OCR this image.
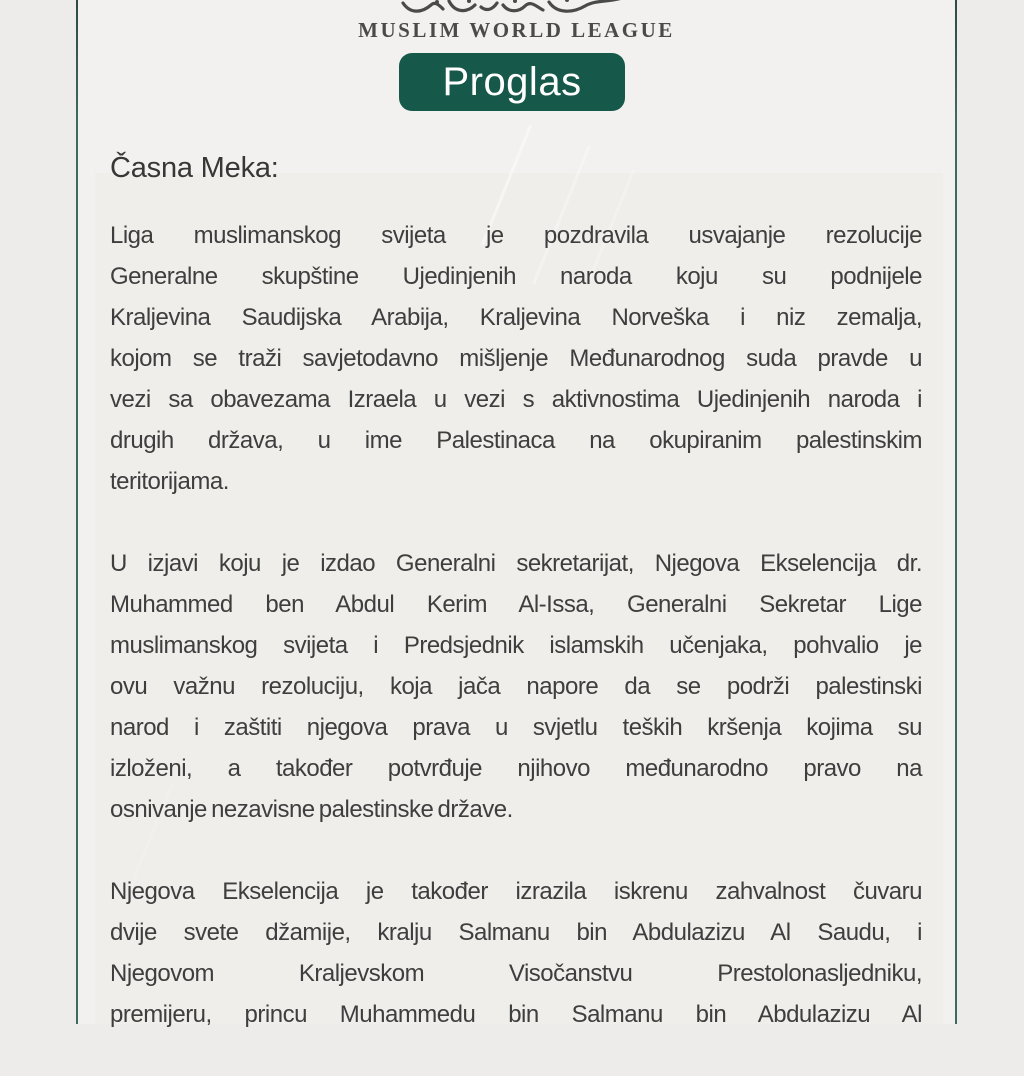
MUSLIM WORLD LEAGUE
Proglas
Časna Meka:
Liga muslimanskog svijeta je pozdravila usvajanje rezolucije
Generalne skupštine Ujedinjenih naroda koju su podnijele
Kraljevina Saudijska Arabija, Kraljevina Norveška i niz zemalja,
kojom se traži savjetodavno mišljenje Međunarodnog suda pravde u
vezi sa obavezama Izraela u vezi s aktivnostima Ujedinjenih naroda i
drugih država, u ime Palestinaca na okupiranim palestinskim
teritorijama.
U izjavi koju je izdao Generalni sekretarijat, Njegova Ekselencija dr.
Muhammed ben Abdul Kerim Al-Issa, Generalni Sekretar Lige
muslimanskog svijeta i Predsjednik islamskih učenjaka, pohvalio je
ovu važnu rezoluciju, koja jača napore da se podrži palestinski
narod i zaštiti njegova prava u svjetlu teških kršenja kojima su
izloženi, a također potvrđuje njihovo međunarodno pravo na
osnivanje nezavisne palestinske države.
Njegova Ekselencija je također izrazila iskrenu zahvalnost čuvaru
dvije svete džamije, kralju Salmanu bin Abdulazizu Al Saudu, i
Njegovom Kraljevskom Visočanstvu Prestolonasljedniku,
premijeru, princu Muhammedu bin Salmanu bin Abdulazizu Al
